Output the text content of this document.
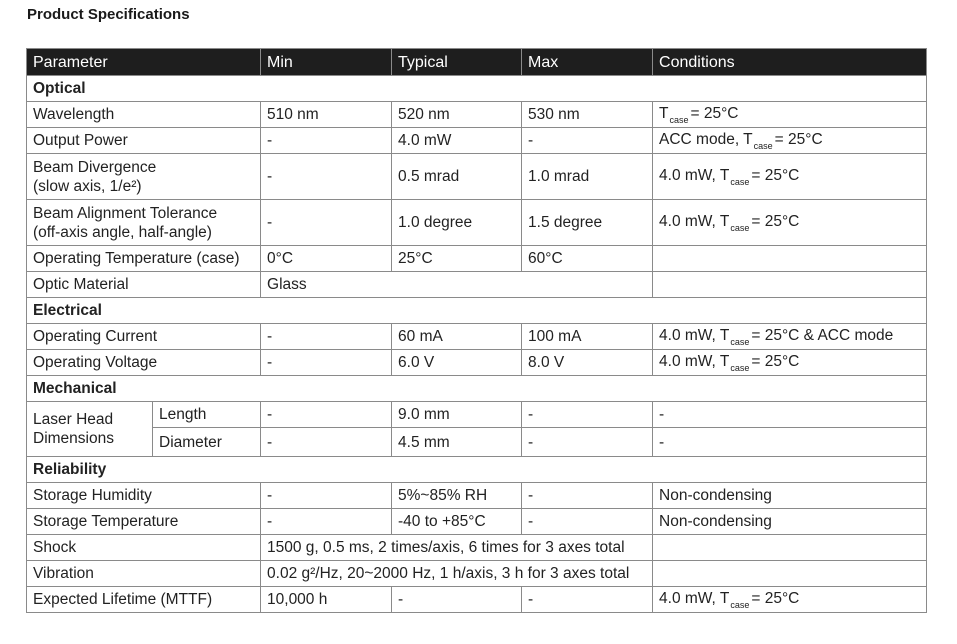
Product Specifications
Parameter		Min	Typical	Max	Conditions
Optical					
Wavelength		510 nm	520 nm	530 nm	$T_{case} = 25^\circ C$
Output Power		-	4.0 mW	-	ACC mode, $T_{case} = 25^\circ C$

Beam Divergence
(slow axis, 1/e²)		-	0.5 mrad	1.0 mrad	4.0 mW, $T_{case} = 25^\circ C$

Beam Alignment Tolerance
(off-axis angle, half-angle)		-	1.0 degree	1.5 degree	4.0 mW, $T_{case} = 25^\circ C$
Operating Temperature (case)		0°C	25°C	60°C	
Optic Material		Glass			
Electrical					
Operating Current		-	60 mA	100 mA	4.0 mW, $T_{case} = 25^\circ C$ & ACC mode
Operating Voltage		-	6.0 V	8.0 V	4.0 mW, $T_{case} = 25^\circ C$
Mechanical					

Laser Head
Dimensions	Length	-	9.0 mm	-	-
	Diameter	-	4.5 mm	-	-
Reliability					
Storage Humidity		-	5%~85% RH	-	Non-condensing
Storage Temperature		-	-40 to +85°C	-	Non-condensing
Shock		1500 g, 0.5 ms, 2 times/axis, 6 times for 3 axes total			
Vibration		0.02 g²/Hz, 20~2000 Hz, 1 h/axis, 3 h for 3 axes total			
Expected Lifetime (MTTF)		10,000 h	-	-	4.0 mW, $T_{case} = 25^\circ C$
